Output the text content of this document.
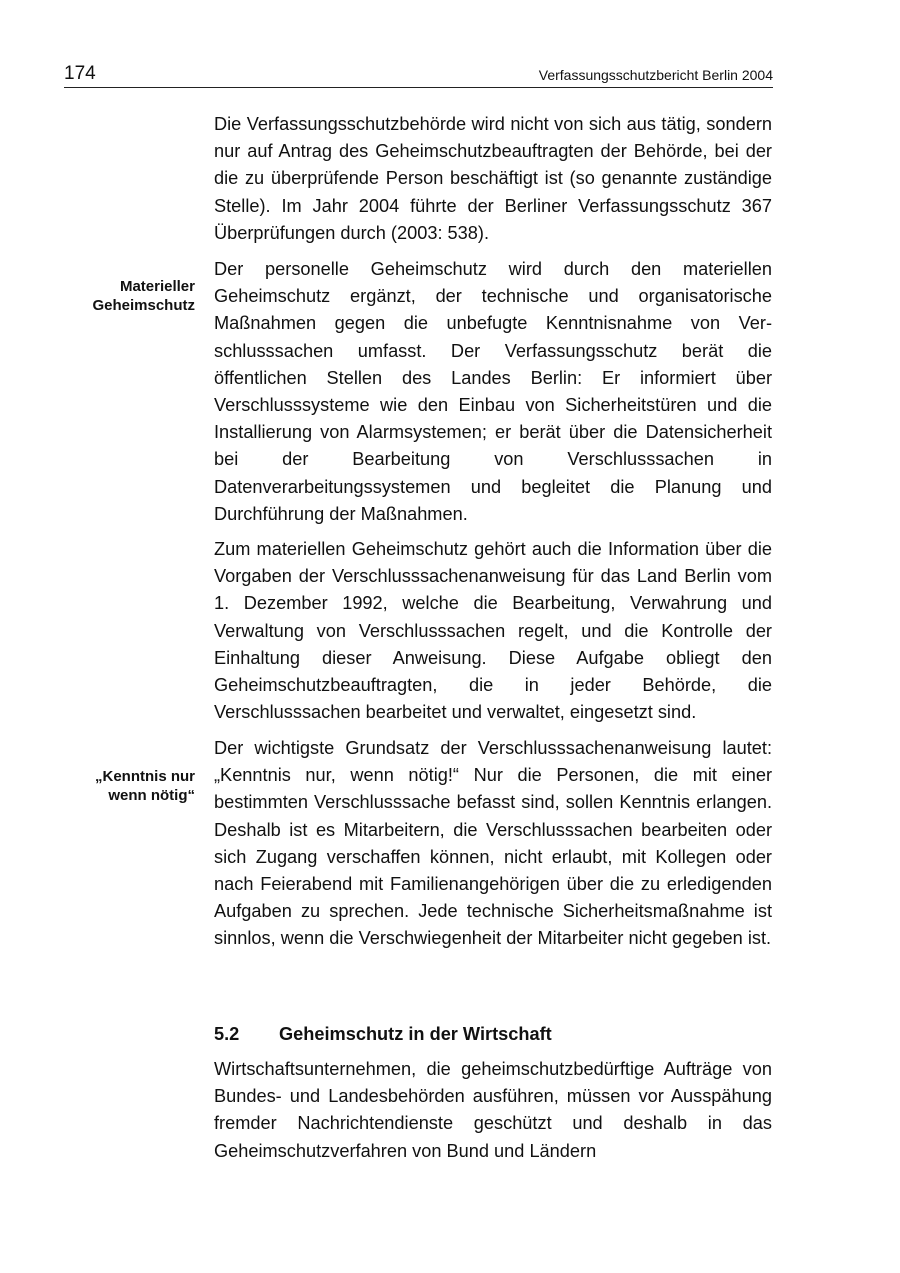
174	Verfassungsschutzbericht Berlin 2004

Die Verfassungsschutzbehörde wird nicht von sich aus tätig, sondern nur auf Antrag des Geheimschutzbeauftragten der Behörde, bei der die zu überprüfende Person beschäftigt ist (so genannte zuständige Stelle). Im Jahr 2004 führte der Berliner Verfassungsschutz 367 Überprüfungen durch (2003: 538).

Materieller
Geheimschutz

Der personelle Geheimschutz wird durch den materiellen Geheimschutz ergänzt, der technische und organisatorische Maßnahmen gegen die unbefugte Kenntnisnahme von Verschlusssachen umfasst. Der Verfassungsschutz berät die öffentlichen Stellen des Landes Berlin: Er informiert über Verschlusssysteme wie den Einbau von Sicherheitstüren und die Installierung von Alarmsystemen; er berät über die Datensicherheit bei der Bearbeitung von Verschlusssachen in Datenverarbeitungssystemen und begleitet die Planung und Durchführung der Maßnahmen.

Zum materiellen Geheimschutz gehört auch die Information über die Vorgaben der Verschlusssachenanweisung für das Land Berlin vom 1. Dezember 1992, welche die Bearbeitung, Verwahrung und Verwaltung von Verschlusssachen regelt, und die Kontrolle der Einhaltung dieser Anweisung. Diese Aufgabe obliegt den Geheimschutzbeauftragten, die in jeder Behörde, die Verschlusssachen bearbeitet und verwaltet, eingesetzt sind.

„Kenntnis nur
wenn nötig“

Der wichtigste Grundsatz der Verschlusssachenanweisung lautet: „Kenntnis nur, wenn nötig!“ Nur die Personen, die mit einer bestimmten Verschlusssache befasst sind, sollen Kenntnis erlangen. Deshalb ist es Mitarbeitern, die Verschlusssachen bearbeiten oder sich Zugang verschaffen können, nicht erlaubt, mit Kollegen oder nach Feierabend mit Familienangehörigen über die zu erledigenden Aufgaben zu sprechen. Jede technische Sicherheitsmaßnahme ist sinnlos, wenn die Verschwiegenheit der Mitarbeiter nicht gegeben ist.

5.2 Geheimschutz in der Wirtschaft

Wirtschaftsunternehmen, die geheimschutzbedürftige Aufträge von Bundes- und Landesbehörden ausführen, müssen vor Ausspähung fremder Nachrichtendienste geschützt und deshalb in das Geheimschutzverfahren von Bund und Ländern
